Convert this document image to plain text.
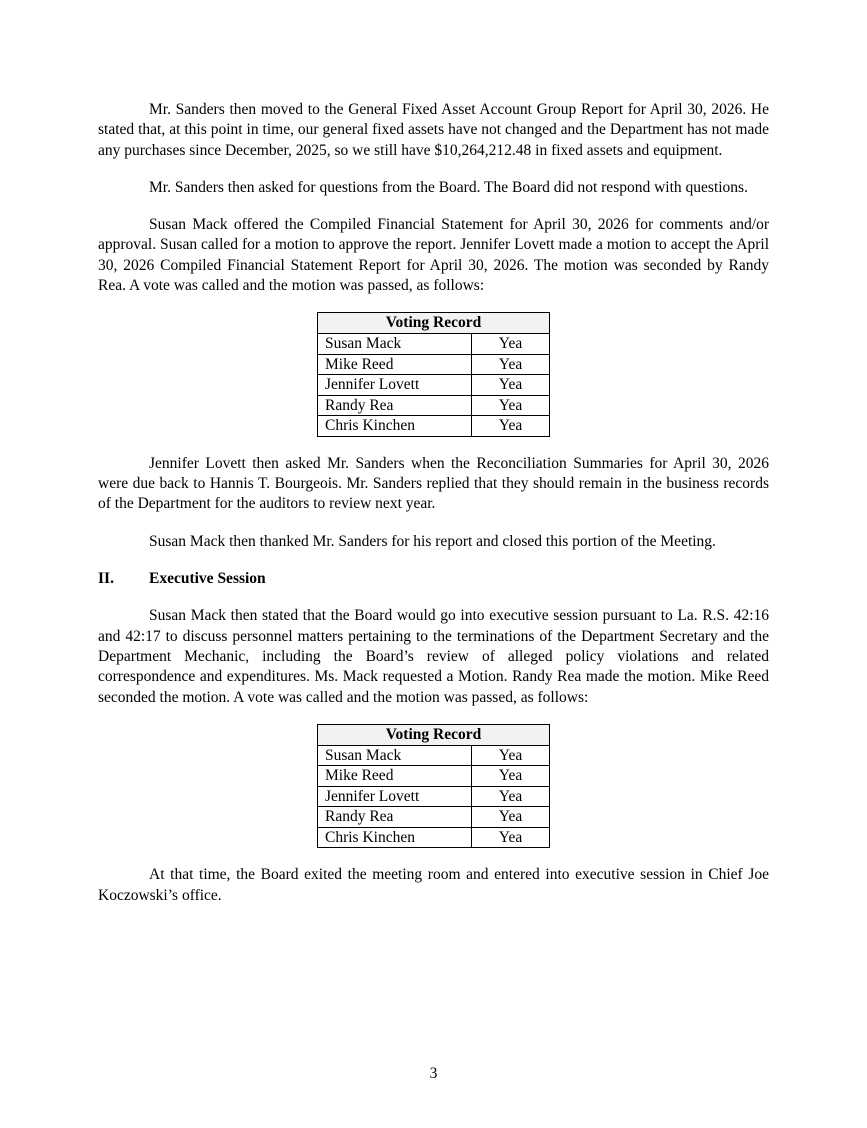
Mr. Sanders then moved to the General Fixed Asset Account Group Report for April 30, 2026. He stated that, at this point in time, our general fixed assets have not changed and the Department has not made any purchases since December, 2025, so we still have $10,264,212.48 in fixed assets and equipment.

Mr. Sanders then asked for questions from the Board. The Board did not respond with questions.

Susan Mack offered the Compiled Financial Statement for April 30, 2026 for comments and/or approval. Susan called for a motion to approve the report. Jennifer Lovett made a motion to accept the April 30, 2026 Compiled Financial Statement Report for April 30, 2026. The motion was seconded by Randy Rea. A vote was called and the motion was passed, as follows:

Voting Record	
Susan Mack	Yea
Mike Reed	Yea
Jennifer Lovett	Yea
Randy Rea	Yea
Chris Kinchen	Yea

Jennifer Lovett then asked Mr. Sanders when the Reconciliation Summaries for April 30, 2026 were due back to Hannis T. Bourgeois. Mr. Sanders replied that they should remain in the business records of the Department for the auditors to review next year.

Susan Mack then thanked Mr. Sanders for his report and closed this portion of the Meeting.

II.	Executive Session

Susan Mack then stated that the Board would go into executive session pursuant to La. R.S. 42:16 and 42:17 to discuss personnel matters pertaining to the terminations of the Department Secretary and the Department Mechanic, including the Board’s review of alleged policy violations and related correspondence and expenditures. Ms. Mack requested a Motion. Randy Rea made the motion. Mike Reed seconded the motion. A vote was called and the motion was passed, as follows:

Voting Record	
Susan Mack	Yea
Mike Reed	Yea
Jennifer Lovett	Yea
Randy Rea	Yea
Chris Kinchen	Yea

At that time, the Board exited the meeting room and entered into executive session in Chief Joe Koczowski’s office.

3
